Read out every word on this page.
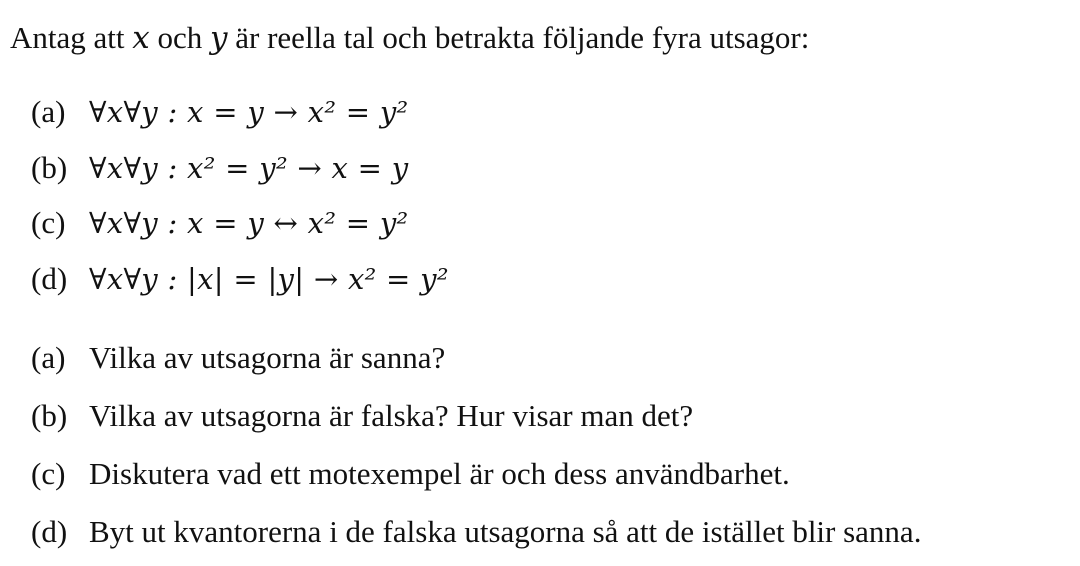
Antag att x och y är reella tal och betrakta följande fyra utsagor:
(a) ∀x∀y : x = y → x² = y²
(b) ∀x∀y : x² = y² → x = y
(c) ∀x∀y : x = y ↔ x² = y²
(d) ∀x∀y : |x| = |y| → x² = y²
(a) Vilka av utsagorna är sanna?
(b) Vilka av utsagorna är falska? Hur visar man det?
(c) Diskutera vad ett motexempel är och dess användbarhet.
(d) Byt ut kvantorerna i de falska utsagorna så att de istället blir sanna.
